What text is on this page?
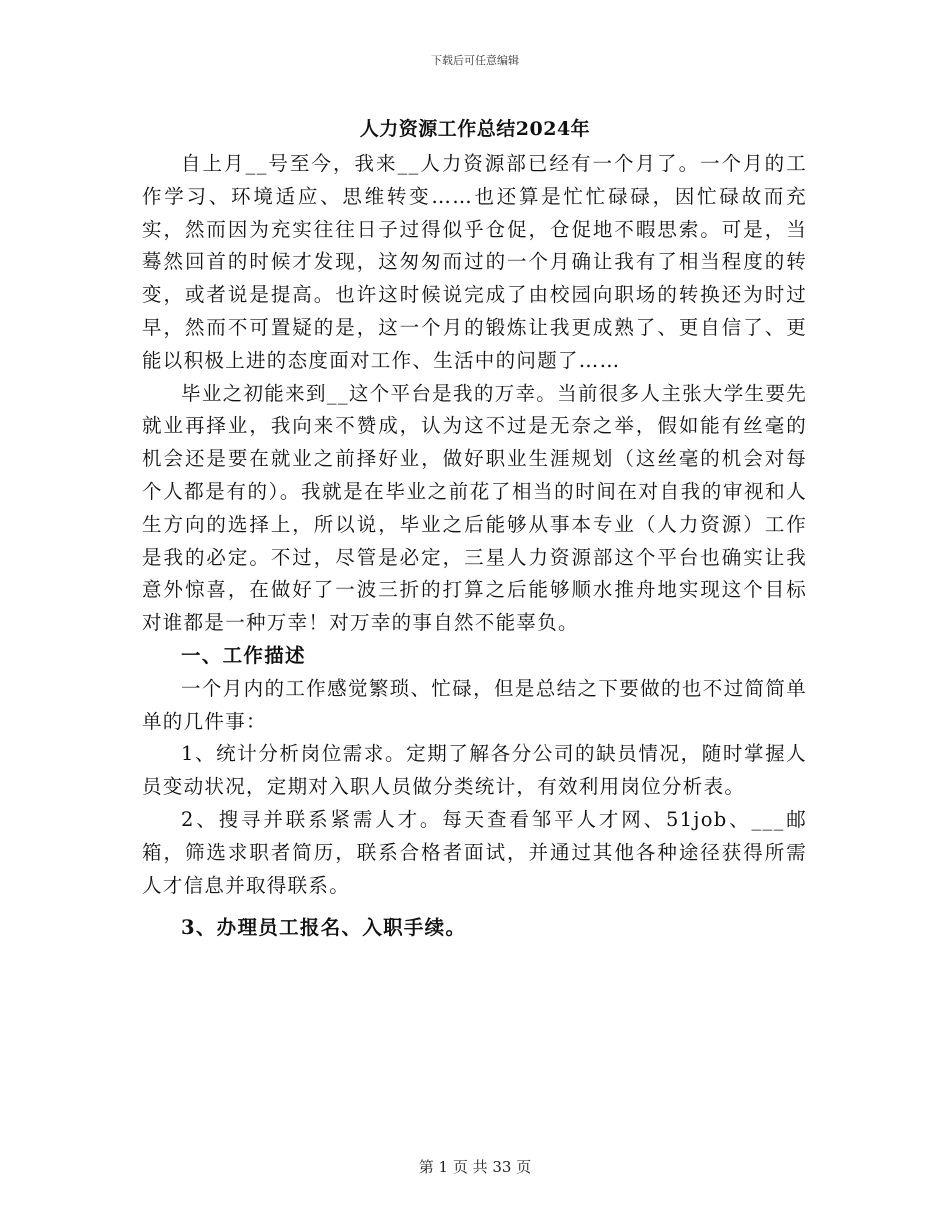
下载后可任意编辑
人力资源工作总结2024年

自上月__号至今，我来__人力资源部已经有一个月了。一个月的工作学习、环境适应、思维转变……也还算是忙忙碌碌，因忙碌故而充实，然而因为充实往往日子过得似乎仓促，仓促地不暇思索。可是，当蓦然回首的时候才发现，这匆匆而过的一个月确让我有了相当程度的转变，或者说是提高。也许这时候说完成了由校园向职场的转换还为时过早，然而不可置疑的是，这一个月的锻炼让我更成熟了、更自信了、更能以积极上进的态度面对工作、生活中的问题了……

毕业之初能来到__这个平台是我的万幸。当前很多人主张大学生要先就业再择业，我向来不赞成，认为这不过是无奈之举，假如能有丝毫的机会还是要在就业之前择好业，做好职业生涯规划（这丝毫的机会对每个人都是有的）。我就是在毕业之前花了相当的时间在对自我的审视和人生方向的选择上，所以说，毕业之后能够从事本专业（人力资源）工作是我的必定。不过，尽管是必定，三星人力资源部这个平台也确实让我意外惊喜，在做好了一波三折的打算之后能够顺水推舟地实现这个目标对谁都是一种万幸！对万幸的事自然不能辜负。

一、工作描述

一个月内的工作感觉繁琐、忙碌，但是总结之下要做的也不过简简单单的几件事：

1、统计分析岗位需求。定期了解各分公司的缺员情况，随时掌握人员变动状况，定期对入职人员做分类统计，有效利用岗位分析表。

2、搜寻并联系紧需人才。每天查看邹平人才网、51job、___邮箱，筛选求职者简历，联系合格者面试，并通过其他各种途径获得所需人才信息并取得联系。

3、办理员工报名、入职手续。

第 1 页 共 33 页
